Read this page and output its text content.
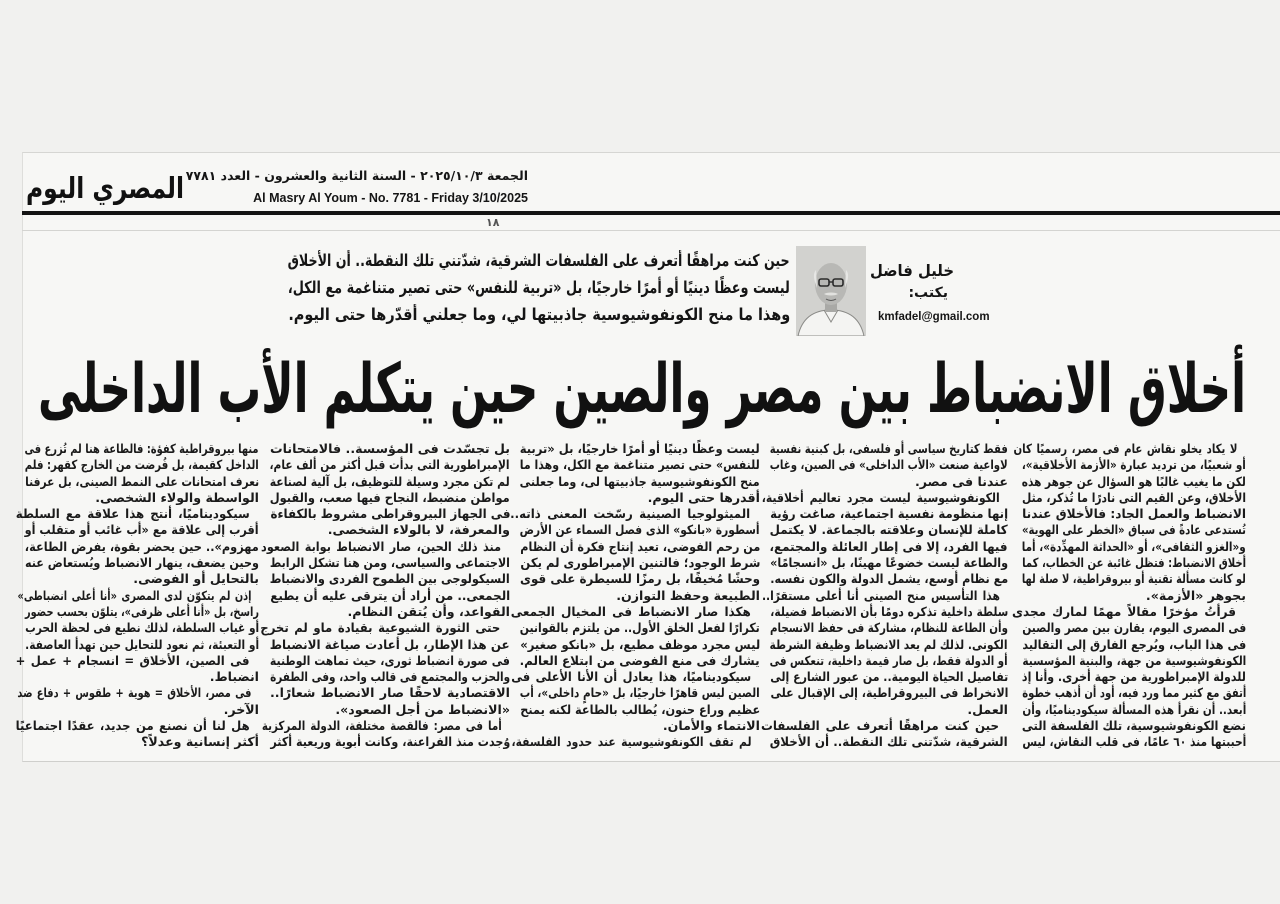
المصري اليوم الجمعة ٢٠٢٥/١٠/٣ - السنة الثانية والعشرون - العدد ٧٧٨١
Al Masry Al Youm - No. 7781 - Friday 3/10/2025
١٨
حين كنت مراهقًا أتعرف على الفلسفات الشرقية، شدّتني تلك النقطة.. أن الأخلاق
ليست وعظًا دينيًا أو أمرًا خارجيًا، بل «تربية للنفس» حتى تصير متناغمة مع الكل،
وهذا ما منح الكونفوشيوسية جاذبيتها لي، وما جعلني أقدّرها حتى اليوم.
خليل فاضل
يكتب:
kmfadel@gmail.com
أخلاق الانضباط بين مصر والصين حين يتكلم الأب الداخلى
لا يكاد يخلو نقاش عام فى مصر، رسميًا كان
أو شعبيًا، من ترديد عبارة «الأزمة الأخلاقية»،
لكن ما يغيب غالبًا هو السؤال عن جوهر هذه
الأخلاق، وعن القيم التى نادرًا ما تُذكر، مثل
الانضباط والعمل الجاد: فالأخلاق عندنا
تُستدعى عادةً فى سياق «الخطر على الهوية»
و«الغزو الثقافى»، أو «الحداثة المهدِّدة»، أما
أخلاق الانضباط: فتظل غائبة عن الخطاب، كما
لو كانت مسألة تقنية أو بيروقراطية، لا صلة لها
بجوهر «الأزمة».
قرأتُ مؤخرًا مقالاً مهمًا لمارك مجدى
فى المصرى اليوم، يقارن بين مصر والصين
فى هذا الباب، ويُرجع الفارق إلى التقاليد
الكونفوشيوسية من جهة، والبنية المؤسسية
للدولة الإمبراطورية من جهة أخرى. وأنا إذ
أتفق مع كثير مما ورد فيه، أود أن أذهب خطوة
أبعد.. أن نقرأ هذه المسألة سيكوديناميًا، وأن
نضع الكونفوشيوسية، تلك الفلسفة التى
أحببتها منذ ٦٠ عامًا، فى قلب النقاش، ليس
فقط كتاريخ سياسى أو فلسفى، بل كبنية نفسية
لاواعية صنعت «الأب الداخلى» فى الصين، وغاب
عندنا فى مصر.
الكونفوشيوسية ليست مجرد تعاليم أخلاقية،
إنها منظومة نفسية اجتماعية، صاغت رؤية
كاملة للإنسان وعلاقته بالجماعة. لا يكتمل
فيها الفرد، إلا فى إطار العائلة والمجتمع،
والطاعة ليست خضوعًا مهينًا، بل «انسجامًا»
مع نظام أوسع، يشمل الدولة والكون نفسه.
هذا التأسيس منح الصينى أنا أعلى مستقرًا..
سلطة داخلية تذكره دومًا بأن الانضباط فضيلة،
وأن الطاعة للنظام، مشاركة فى حفظ الانسجام
الكونى. لذلك لم يعد الانضباط وظيفة الشرطة
أو الدولة فقط، بل صار قيمة داخلية، تنعكس فى
تفاصيل الحياة اليومية.. من عبور الشارع إلى
الانخراط فى البيروقراطية، إلى الإقبال على
العمل.
حين كنت مراهقًا أتعرف على الفلسفات
الشرقية، شدّتنى تلك النقطة.. أن الأخلاق
ليست وعظًا دينيًا أو أمرًا خارجيًا، بل «تربية
للنفس» حتى تصير متناغمة مع الكل، وهذا ما
منح الكونفوشيوسية جاذبيتها لى، وما جعلنى
أقدرها حتى اليوم.
الميثولوجيا الصينية رسّخت المعنى ذاته..
أسطورة «بانكو» الذى فصل السماء عن الأرض
من رحم الفوضى، تعيد إنتاج فكرة أن النظام
شرط الوجود؛ فالتنين الإمبراطورى لم يكن
وحشًا مُخيفًا، بل رمزًا للسيطرة على قوى
الطبيعة وحفظ التوازن.
هكذا صار الانضباط فى المخيال الجمعى
تكرارًا لفعل الخلق الأول.. من يلتزم بالقوانين
ليس مجرد موظف مطيع، بل «بانكو صغير»
يشارك فى منع الفوضى من ابتلاع العالم.
سيكوديناميًا، هذا يعادل أن الأنا الأعلى فى
الصين ليس قاهرًا خارجيًا، بل «حامٍ داخلى»، أب
عظيم وراع حنون، يُطالب بالطاعة لكنه يمنح
الانتماء والأمان.
لم تقف الكونفوشيوسية عند حدود الفلسفة،
بل تجسّدت فى المؤسسة.. فالامتحانات
الإمبراطورية التى بدأت قبل أكثر من ألف عام،
لم تكن مجرد وسيلة للتوظيف، بل آلية لصناعة
مواطن منضبط، النجاح فيها صعب، والقبول
فى الجهاز البيروقراطى مشروط بالكفاءة
والمعرفة، لا بالولاء الشخصى.
منذ ذلك الحين، صار الانضباط بوابة الصعود
الاجتماعى والسياسى، ومن هنا تشكل الرابط
السيكولوجى بين الطموح الفردى والانضباط
الجمعى.. من أراد أن يترقى عليه أن يطيع
القواعد، وأن يُتقن النظام.
حتى الثورة الشيوعية بقيادة ماو لم تخرج
عن هذا الإطار، بل أعادت صياغة الانضباط
فى صورة انضباط ثورى، حيث تماهت الوطنية
والحزب والمجتمع فى قالب واحد، وفى الطفرة
الاقتصادية لاحقًا صار الانضباط شعارًا..
«الانضباط من أجل الصعود».
أما فى مصر: فالقصة مختلفة، الدولة المركزية
وُجدت منذ الفراعنة، وكانت أبوية وريعية أكثر
منها بيروقراطية كفؤة: فالطاعة هنا لم تُزرع فى
الداخل كقيمة، بل فُرضت من الخارج كقهر: فلم
نعرف امتحانات على النمط الصينى، بل عرفنا
الواسطة والولاء الشخصى.
سيكوديناميًا، أنتج هذا علاقة مع السلطة
أقرب إلى علاقة مع «أب غائب أو متقلب أو
مهزوم».. حين يحضر بقوة، يفرض الطاعة،
وحين يضعف، ينهار الانضباط ويُستعاض عنه
بالتحايل أو الفوضى.
إذن لم يتكوّن لدى المصرى «أنا أعلى انضباطى»
راسخ، بل «أنا أعلى ظرفى»، يتلوّن بحسب حضور
أو غياب السلطة، لذلك نطيع فى لحظة الحرب
أو التعبئة، ثم نعود للتحايل حين تهدأ العاصفة.
فى الصين، الأخلاق = انسجام + عمل +
انضباط.
فى مصر، الأخلاق = هوية + طقوس + دفاع ضد
الآخر.
هل لنا أن نصنع من جديد، عقدًا اجتماعيًا
أكثر إنسانية وعدلاً؟
